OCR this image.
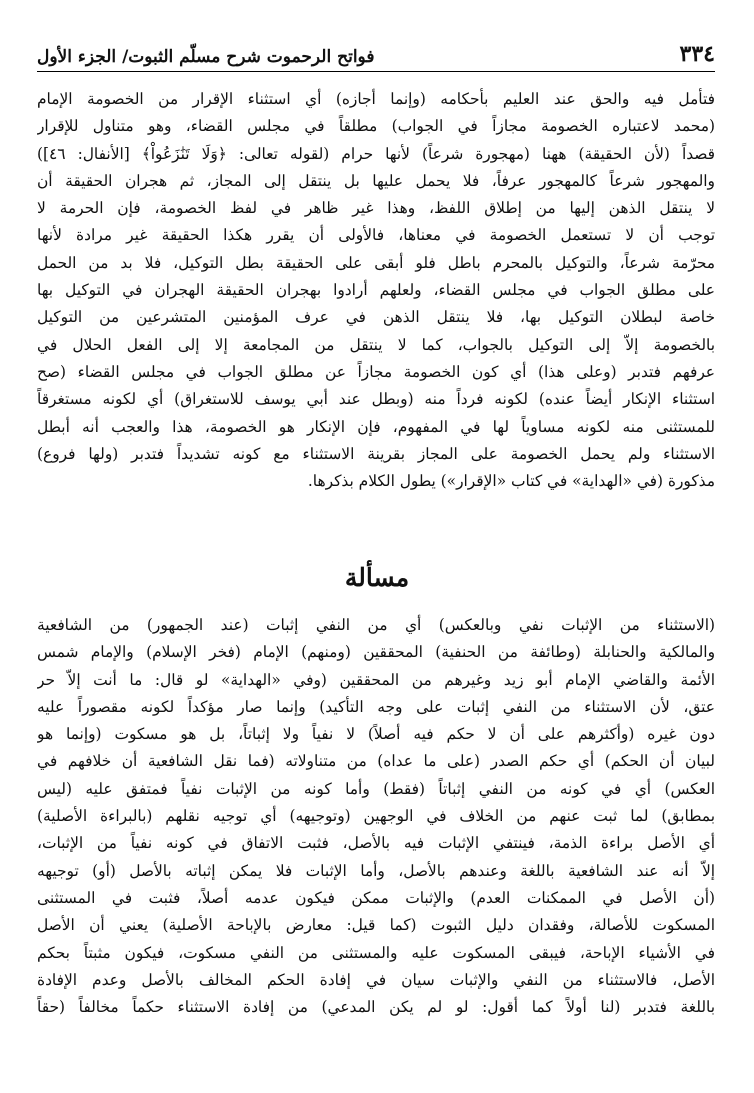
٣٣٤
فواتح الرحموت شرح مسلّم الثبوت/ الجزء الأول
فتأمل فيه والحق عند العليم بأحكامه (وإنما أجازه) أي استثناء الإقرار من الخصومة الإمام
(محمد لاعتباره الخصومة مجازاً في الجواب) مطلقاً في مجلس القضاء، وهو متناول للإقرار
قصداً (لأن الحقيقة) ههنا (مهجورة شرعاً) لأنها حرام (لقوله تعالى: ﴿وَلَا تَنَٰزَعُواْ﴾ [الأنفال: ٤٦])
والمهجور شرعاً كالمهجور عرفاً، فلا يحمل عليها بل ينتقل إلى المجاز، ثم هجران الحقيقة أن
لا ينتقل الذهن إليها من إطلاق اللفظ، وهذا غير ظاهر في لفظ الخصومة، فإن الحرمة لا
توجب أن لا تستعمل الخصومة في معناها، فالأولى أن يقرر هكذا الحقيقة غير مرادة لأنها
محرّمة شرعاً، والتوكيل بالمحرم باطل فلو أبقى على الحقيقة بطل التوكيل، فلا بد من الحمل
على مطلق الجواب في مجلس القضاء، ولعلهم أرادوا بهجران الحقيقة الهجران في التوكيل بها
خاصة لبطلان التوكيل بها، فلا ينتقل الذهن في عرف المؤمنين المتشرعين من التوكيل
بالخصومة إلاّ إلى التوكيل بالجواب، كما لا ينتقل من المجامعة إلا إلى الفعل الحلال في
عرفهم فتدبر (وعلى هذا) أي كون الخصومة مجازاً عن مطلق الجواب في مجلس القضاء (صح
استثناء الإنكار أيضاً عنده) لكونه فرداً منه (وبطل عند أبي يوسف للاستغراق) أي لكونه مستغرقاً
للمستثنى منه لكونه مساوياً لها في المفهوم، فإن الإنكار هو الخصومة، هذا والعجب أنه أبطل
الاستثناء ولم يحمل الخصومة على المجاز بقرينة الاستثناء مع كونه تشديداً فتدبر (ولها فروع)
مذكورة (في «الهداية» في كتاب «الإقرار») يطول الكلام بذكرها.
مسألة
(الاستثناء من الإثبات نفي وبالعكس) أي من النفي إثبات (عند الجمهور) من الشافعية
والمالكية والحنابلة (وطائفة من الحنفية) المحققين (ومنهم) الإمام (فخر الإسلام) والإمام شمس
الأئمة والقاضي الإمام أبو زيد وغيرهم من المحققين (وفي «الهداية» لو قال: ما أنت إلاّ حر
عتق، لأن الاستثناء من النفي إثبات على وجه التأكيد) وإنما صار مؤكداً لكونه مقصوراً عليه
دون غيره (وأكثرهم على أن لا حكم فيه أصلاً) لا نفياً ولا إثباتاً، بل هو مسكوت (وإنما هو
لبيان أن الحكم) أي حكم الصدر (على ما عداه) من متناولاته (فما نقل الشافعية أن خلافهم في
العكس) أي في كونه من النفي إثباتاً (فقط) وأما كونه من الإثبات نفياً فمتفق عليه (ليس
بمطابق) لما ثبت عنهم من الخلاف في الوجهين (وتوجيهه) أي توجيه نقلهم (بالبراءة الأصلية)
أي الأصل براءة الذمة، فينتفي الإثبات فيه بالأصل، فثبت الاتفاق في كونه نفياً من الإثبات،
إلاّ أنه عند الشافعية باللغة وعندهم بالأصل، وأما الإثبات فلا يمكن إثباته بالأصل (أو) توجيهه
(أن الأصل في الممكنات العدم) والإثبات ممكن فيكون عدمه أصلاً، فثبت في المستثنى
المسكوت للأصالة، وفقدان دليل الثبوت (كما قيل: معارض بالإباحة الأصلية) يعني أن الأصل
في الأشياء الإباحة، فيبقى المسكوت عليه والمستثنى من النفي مسكوت، فيكون مثبتاً بحكم
الأصل، فالاستثناء من النفي والإثبات سيان في إفادة الحكم المخالف بالأصل وعدم الإفادة
باللغة فتدبر (لنا أولاً كما أقول: لو لم يكن المدعي) من إفادة الاستثناء حكماً مخالفاً (حقاً
